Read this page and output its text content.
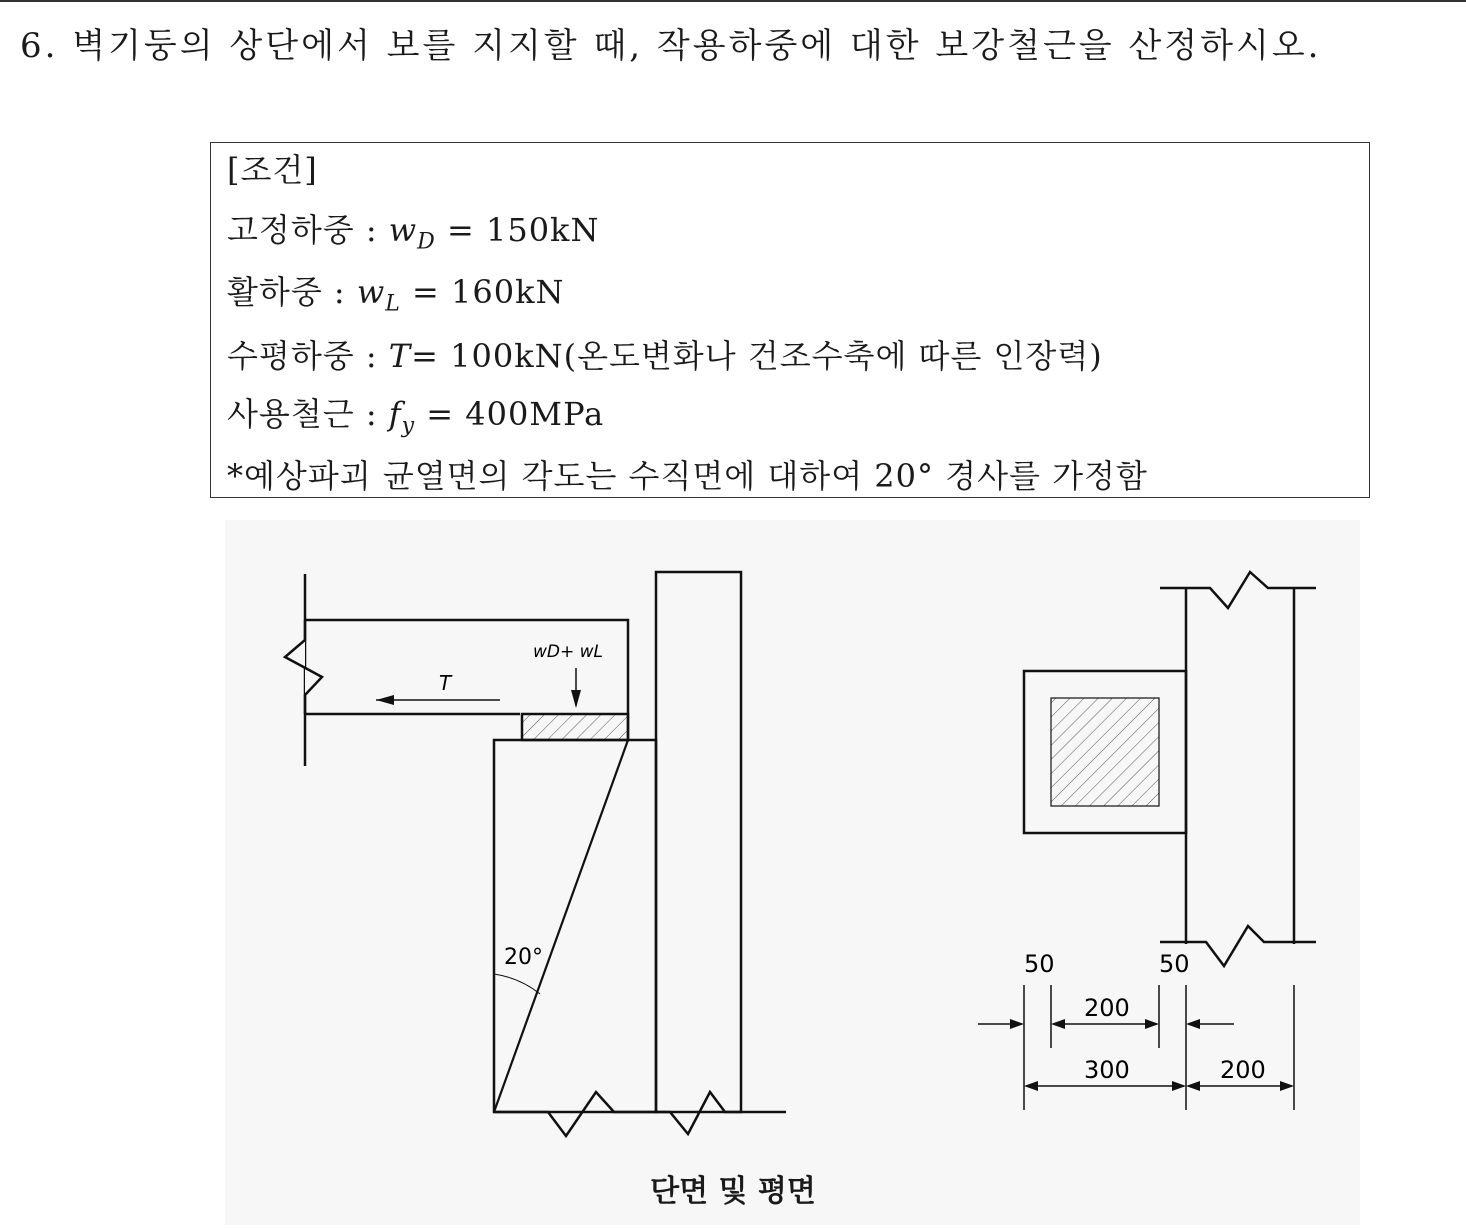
6. 벽기둥의 상단에서 보를 지지할 때, 작용하중에 대한 보강철근을 산정하시오.
[조건]
고정하중 : $w_D = 150kN$
활하중 : $w_L = 160kN$
수평하중 : T= 100kN(온도변화나 건조수축에 따른 인장력)
사용철근 : $f_y = 400MPa$
*예상파괴 균열면의 각도는 수직면에 대하여 20° 경사를 가정함
wD+ wL
T
20°	50	50
200
300	200
단면 및 평면
